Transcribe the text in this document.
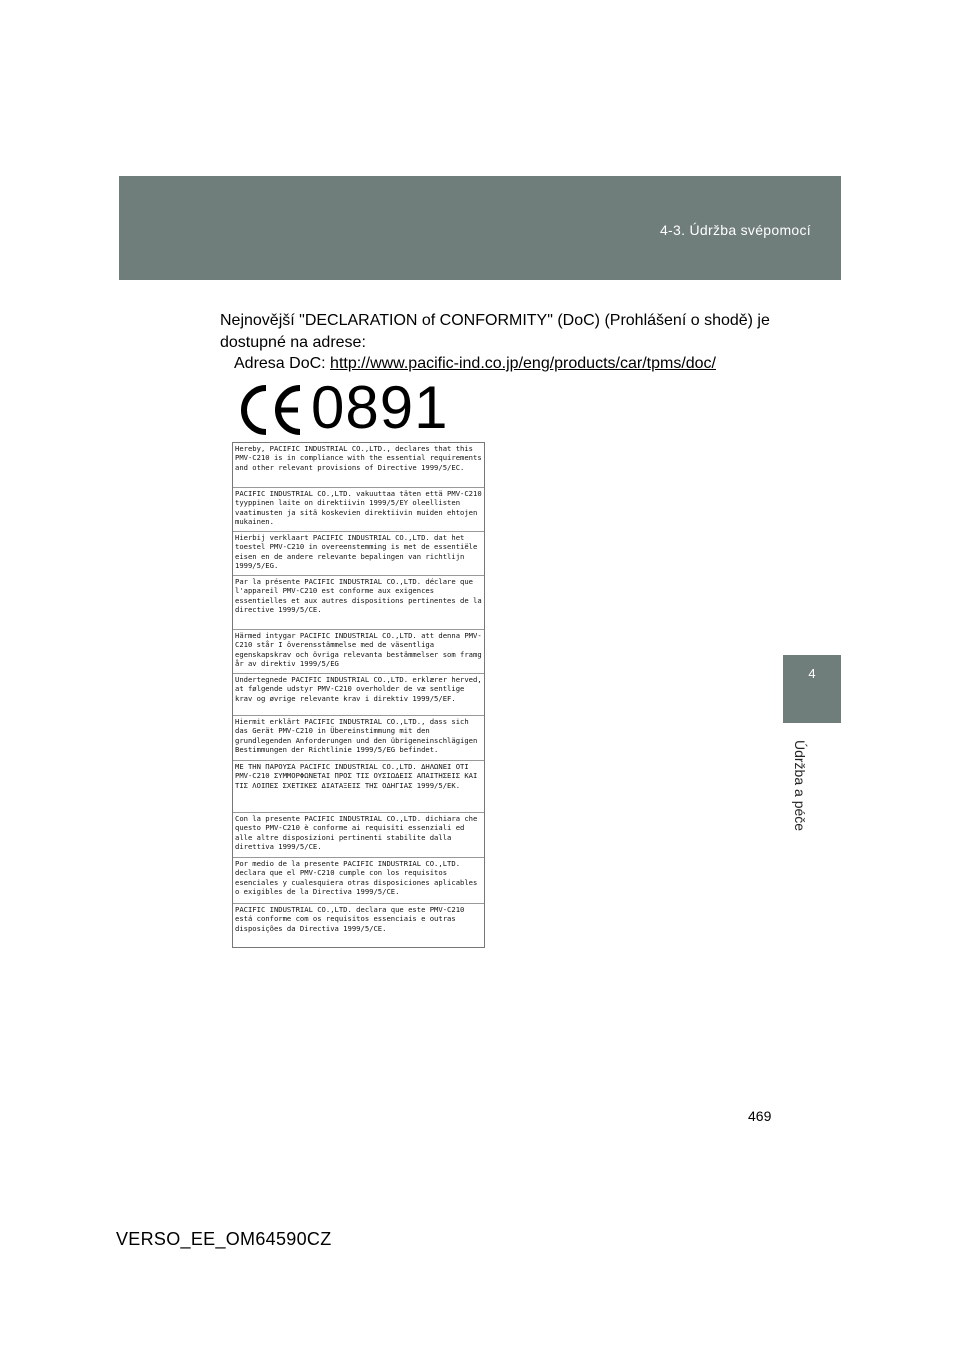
4-3. Údržba svépomocí
4
Údržba a péče
Nejnovější "DECLARATION of CONFORMITY" (DoC) (Prohlášení o shodě) je dostupné na adrese:
Adresa DoC: http://www.pacific-ind.co.jp/eng/products/car/tpms/doc/
0891
Hereby, PACIFIC INDUSTRIAL CO.,LTD., declares that this PMV-C210 is in compliance with the essential requirements and other relevant provisions of Directive 1999/5/EC.
PACIFIC INDUSTRIAL CO.,LTD. vakuuttaa täten että PMV-C210 tyyppinen laite on direktiivin 1999/5/EY oleellisten vaatimusten ja sitä koskevien direktiivin muiden ehtojen mukainen.
Hierbij verklaart PACIFIC INDUSTRIAL CO.,LTD. dat het toestel PMV-C210 in overeenstemming is met de essentiële eisen en de andere relevante bepalingen van richtlijn 1999/5/EG.
Par la présente PACIFIC INDUSTRIAL CO.,LTD. déclare que l'appareil PMV-C210 est conforme aux exigences essentielles et aux autres dispositions pertinentes de la directive 1999/5/CE.
Härmed intygar PACIFIC INDUSTRIAL CO.,LTD. att denna PMV-C210 står I överensstämmelse med de väsentliga egenskapskrav och övriga relevanta bestämmelser som framg år av direktiv 1999/5/EG
Undertegnede PACIFIC INDUSTRIAL CO.,LTD. erklærer herved, at følgende udstyr PMV-C210 overholder de væ sentlige krav og øvrige relevante krav i direktiv 1999/5/EF.
Hiermit erklärt PACIFIC INDUSTRIAL CO.,LTD., dass sich das Gerät PMV-C210 in Übereinstimmung mit den grundlegenden Anforderungen und den übrigeneinschlägigen Bestimmungen der Richtlinie 1999/5/EG befindet.
ΜΕ ΤΗΝ ΠΑΡΟΥΣΑ PACIFIC INDUSTRIAL CO.,LTD. ΔΗΛΩΝΕΙ ΟΤΙ PMV-C210 ΣΥΜΜΟΡΦΩΝΕΤΑΙ ΠΡΟΣ ΤΙΣ ΟΥΣΙΩΔΕΙΣ ΑΠΑΙΤΗΣΕΙΣ ΚΑΙ ΤΙΣ ΛΟΙΠΕΣ ΣΧΕΤΙΚΕΣ ΔΙΑΤΑΞΕΙΣ ΤΗΣ ΟΔΗΓΙΑΣ 1999/5/ΕΚ.
Con la presente PACIFIC INDUSTRIAL CO.,LTD. dichiara che questo PMV-C210 è conforme ai requisiti essenziali ed alle altre disposizioni pertinenti stabilite dalla direttiva 1999/5/CE.
Por medio de la presente PACIFIC INDUSTRIAL CO.,LTD. declara que el PMV-C210 cumple con los requisitos esenciales y cualesquiera otras disposiciones aplicables o exigibles de la Directiva 1999/5/CE.
PACIFIC INDUSTRIAL CO.,LTD. declara que este PMV-C210 está conforme com os requisitos essenciais e outras disposições da Directiva 1999/5/CE.
469
VERSO_EE_OM64590CZ
